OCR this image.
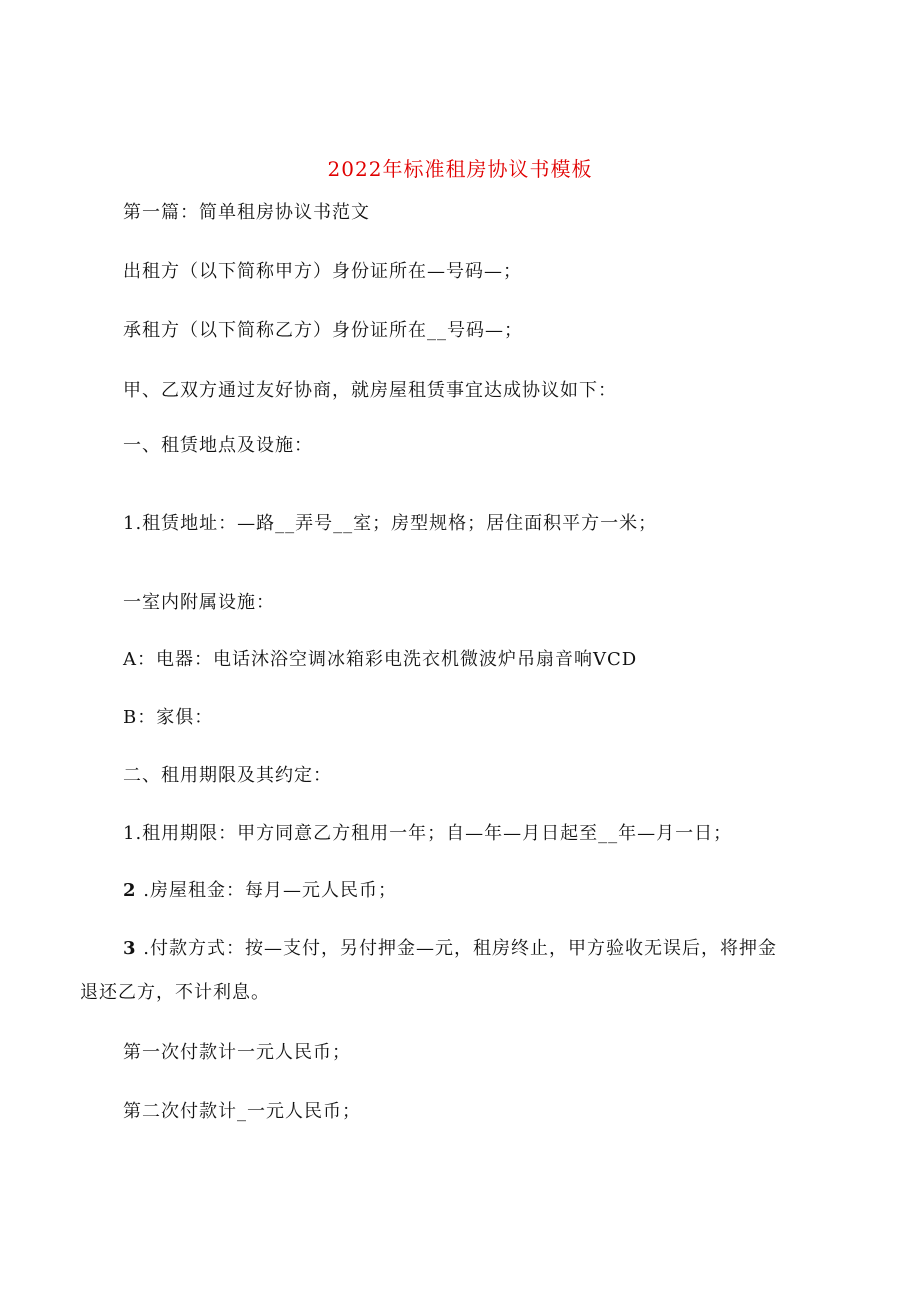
2022年标准租房协议书模板
第一篇：简单租房协议书范文
出租方（以下简称甲方）身份证所在—号码—；
承租方（以下简称乙方）身份证所在__号码—；
甲、乙双方通过友好协商，就房屋租赁事宜达成协议如下：
一、租赁地点及设施：
1.租赁地址：—路__弄号__室；房型规格；居住面积平方一米；
一室内附属设施：
A：电器：电话沐浴空调冰箱彩电洗衣机微波炉吊扇音响VCD
B：家俱：
二、租用期限及其约定：
1.租用期限：甲方同意乙方租用一年；自—年—月日起至__年—月一日；
2 .房屋租金：每月—元人民币；
3 .付款方式：按—支付，另付押金—元，租房终止，甲方验收无误后，将押金
退还乙方，不计利息。
第一次付款计一元人民币；
第二次付款计_一元人民币；
